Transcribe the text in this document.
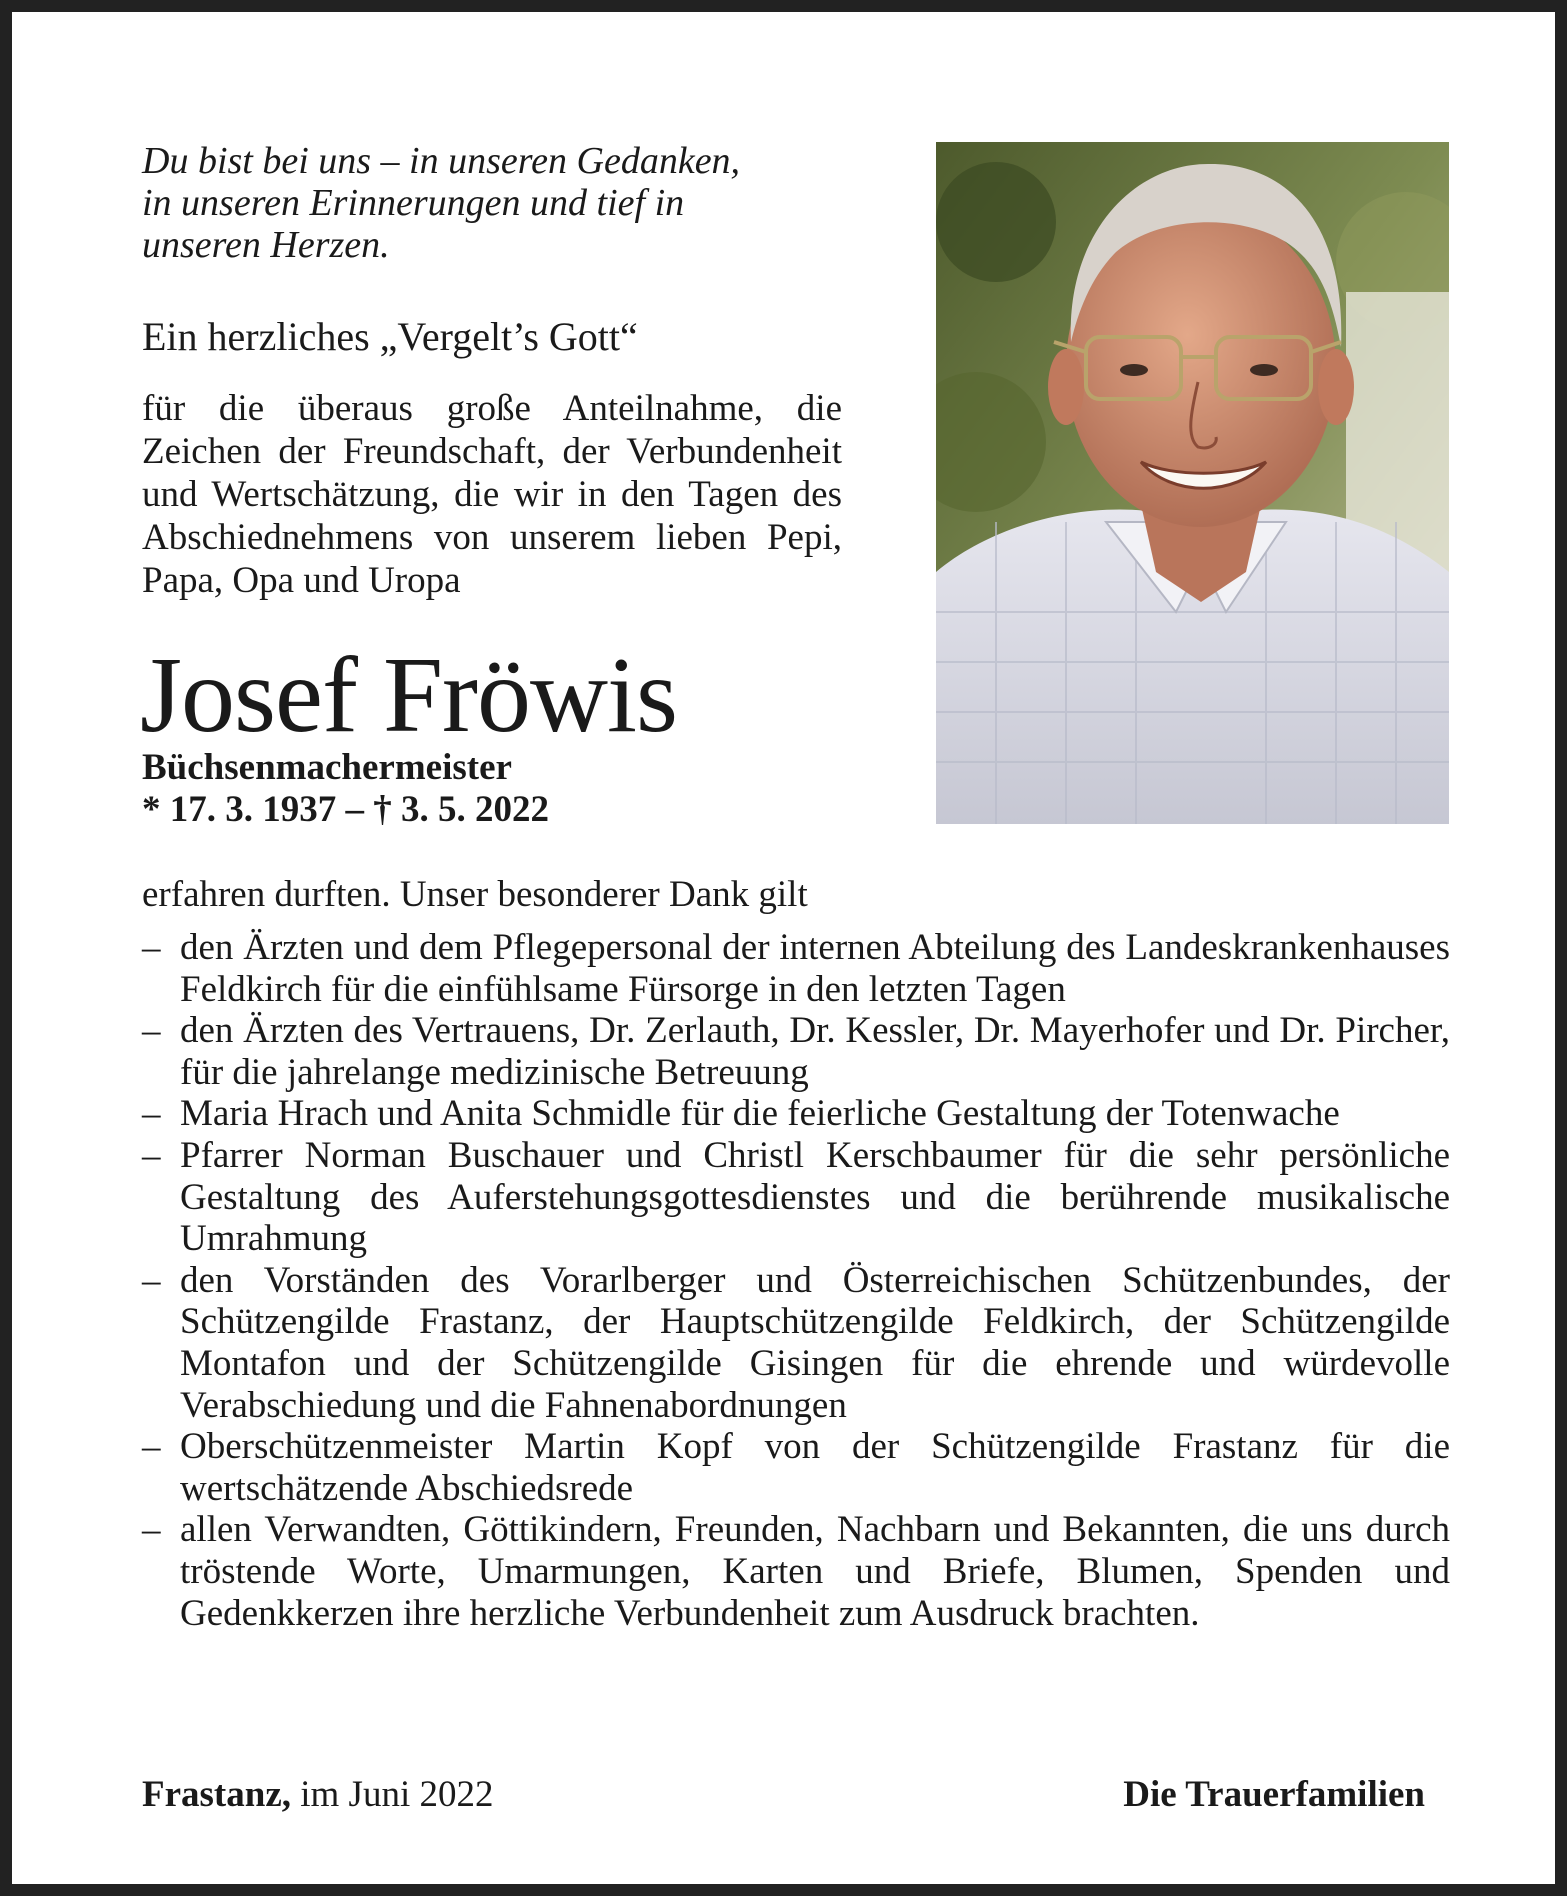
Du bist bei uns – in unseren Gedanken,
in unseren Erinnerungen und tief in
unseren Herzen.
Ein herzliches „Vergelt’s Gott“
für die überaus große Anteilnahme, die Zeichen der Freundschaft, der Verbundenheit und Wertschätzung, die wir in den Tagen des Abschiednehmens von unserem lieben Pepi, Papa, Opa und Uropa
Josef Fröwis
Büchsenmachermeister
* 17. 3. 1937 – † 3. 5. 2022
erfahren durften. Unser besonderer Dank gilt
– den Ärzten und dem Pflegepersonal der internen Abteilung des Landeskrankenhauses Feldkirch für die einfühlsame Fürsorge in den letzten Tagen
– den Ärzten des Vertrauens, Dr. Zerlauth, Dr. Kessler, Dr. Mayerhofer und Dr. Pircher, für die jahrelange medizinische Betreuung
– Maria Hrach und Anita Schmidle für die feierliche Gestaltung der Totenwache
– Pfarrer Norman Buschauer und Christl Kerschbaumer für die sehr persönliche Gestaltung des Auferstehungsgottesdienstes und die berührende musikalische Umrahmung
– den Vorständen des Vorarlberger und Österreichischen Schützenbundes, der Schützengilde Frastanz, der Hauptschützengilde Feldkirch, der Schützengilde Montafon und der Schützengilde Gisingen für die ehrende und würdevolle Verabschiedung und die Fahnenabordnungen
– Oberschützenmeister Martin Kopf von der Schützengilde Frastanz für die wertschätzende Abschiedsrede
– allen Verwandten, Göttikindern, Freunden, Nachbarn und Bekannten, die uns durch tröstende Worte, Umarmungen, Karten und Briefe, Blumen, Spenden und Gedenkkerzen ihre herzliche Verbundenheit zum Ausdruck brachten.
Frastanz, im Juni 2022	Die Trauerfamilien
